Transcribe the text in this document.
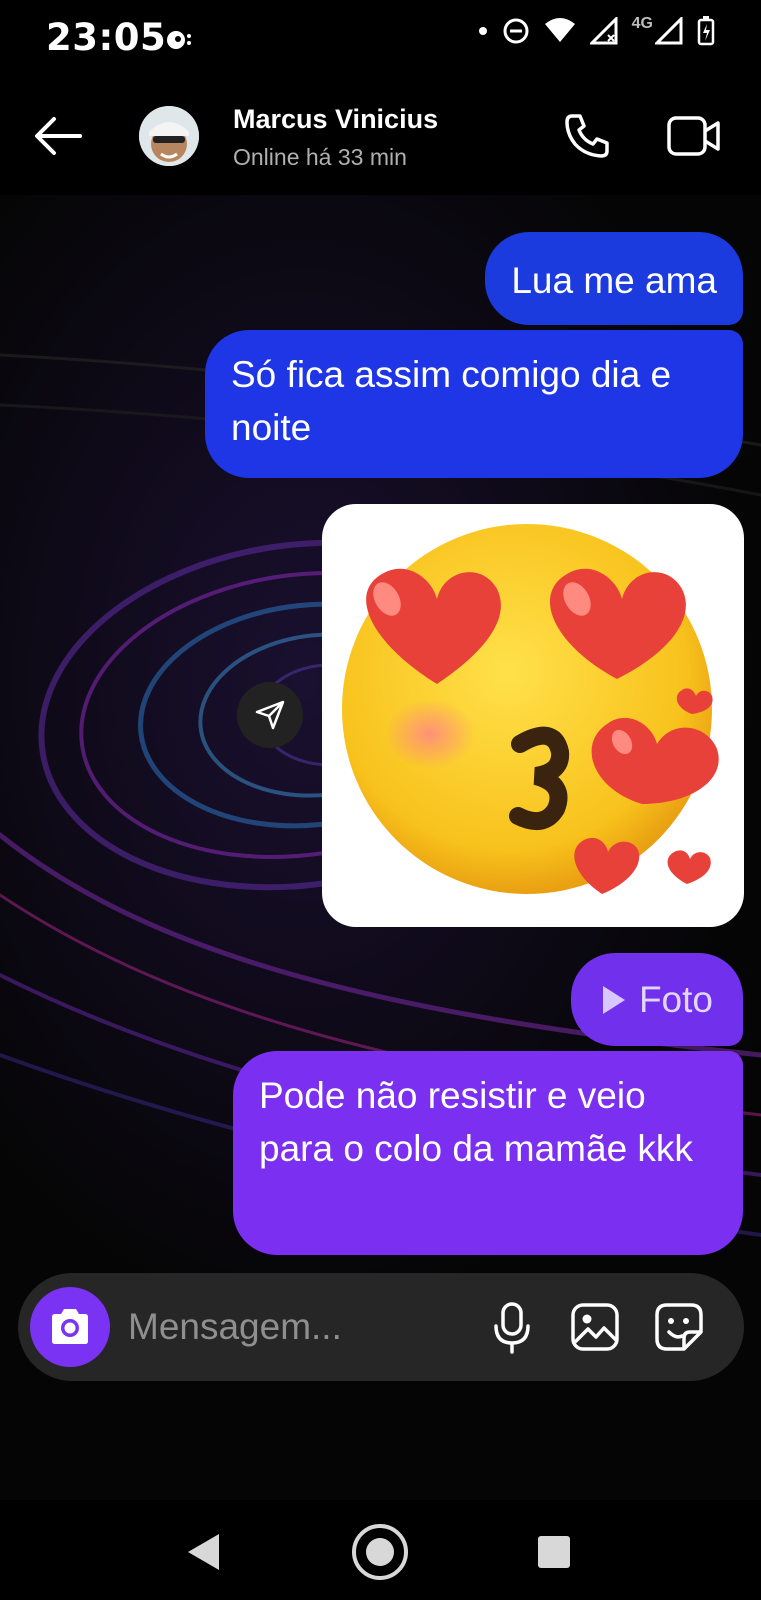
23:05	4G
Marcus Vinicius
Online há 33 min
Lua me ama
Só fica assim comigo dia e noite
Foto
Pode não resistir e veio para o colo da mamãe kkk
Mensagem...
